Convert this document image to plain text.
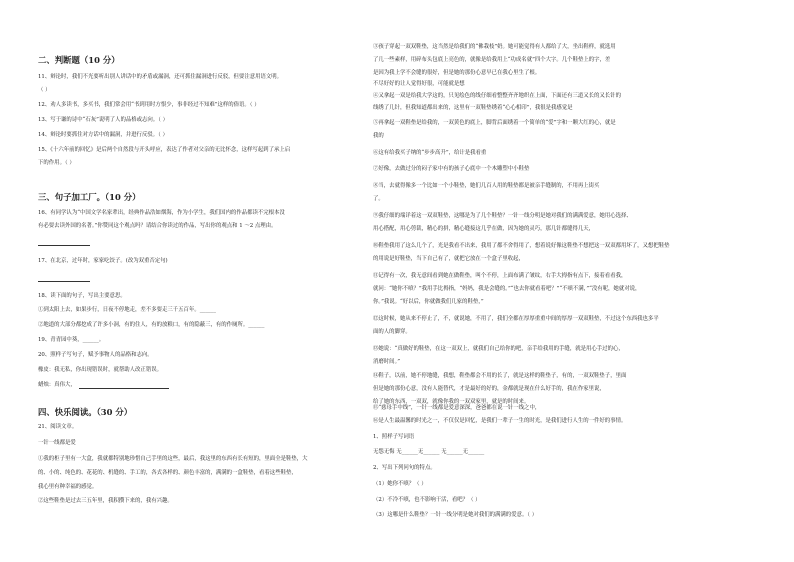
二、判断题（10 分）
11、辩论时，我们不光要听出别人讲话中的矛盾或漏洞，还可抓住漏洞进行反驳，但要注意用语文明。
（ ）
12、劝人多读书，多买书，我们常会用“书到用时方恨少，事非经过不知难”这样的俗语。（ ）
13、写于谦的诗中“石灰”说明了人的品格或志向。（ ）
14、辩论时要抓住对方话中的漏洞，并进行反驳。（ ）
15、《十六年前的回忆》是后两个自然段与开头呼应，表达了作者对父亲的无比怀念，这样写起到了承上启
下的作用。（ ）
三、句子加工厂。（10 分）
16、有同学认为“中国文学名家辈出，经典作品浩如烟海，作为小学生，我们国内的作品都读不完根本没
有必要去读外国的名著。”你赞同这个观点吗？请结合你读过的作品，写出你的观点和 1 ～2 点理由。
17、在北京，过年时，家家吃饺子。(改为双重否定句)
18、读下面的句子，写出主要意思。
①到太阳上去，如果步行，日夜不停地走，差不多要走三千五百年。______
②地道的大部分都挖成了许多小洞，有的住人，有的放粮口，有的隐蔽三，有的作厕所。______
19、青青园中葵，______。
20、照样子写句子，赋予事物人的品格和志向。
橡皮：我无私，你出现错误时，就帮助人改正错误。
蜡烛：真伟大，
四、快乐阅读。（30 分）
21、阅读文章。
一针一线都是爱
①我的柜子里有一大盒，我就都特别地珍惜自己手里的这些，最后，我这里的东西有长有短的，里面全是鞋垫，大
的、小的、纯色的、花花的、机缝的、手工的，各式各样的、颜色丰富的，满满的一盒鞋垫，看着这些鞋垫，
我心里有种幸福的感觉。
②这些鞋垫是过去三五年里，我积攒下来的，我有兴趣。
③孩子穿起一双双鞋垫，这当然是给我们的“佛栽枝”奶。她可能觉得有人都给了大，坐出鞋样，就选用
了几一些素样，用碎布头包底上亮色的，就像是给我用上“功成名就”四个大字。几个鞋垫上的字，差
是因为我上学不会缝的很好，但是她的那份心意早已在我心里生了根。
不尽好好的让人觉得好很，可能就是想
④又拿起一双是给我大学这的，只见绘色的线仔细看整整齐齐地织在上面，下面还有三道又长的又长针的
线绣了几针，但我知道都出来的，这里有一双鞋垫绣着“心心相印”，我很是我感觉是
⑤再拿起一双鞋垫是给我的，一双黄色的底上，脚背后面绣着一个简单的“爱”字和一颗大红的心，就是
我的
⑥这有给我买子纳的“步步高升”，给计是我看重
⑦好像，去做过分的闷子家中有的孩子心底中一个木雕塑中小鞋垫
⑧当，去就得像多一个比如一个小鞋垫，她们几百人用的鞋垫都是被亲手缝制的，不用再上街买
了。
⑨我仔细的端详着这一双双鞋垫，这哪是为了几个鞋垫？一针一线分明是她对我们的满满爱意，她用心选择、
用心搭配，用心剪裁，精心的拼，精心缝接这几乎在做，因为她的灵巧，那几针都缝得几天，
⑩鞋垫我用了这么几个了，光是我看不出来，我用了都不舍得用了，想着说好像这鞋垫不想把这一双双都用坏了，又想把鞋垫
的用说是好鞋垫，当下自己有了，就把它放在一个盒子里收起，
⑪记得有一次，我无意间看到她在做鞋垫，叫个不停，上面布满了皱纹，右手大拇指有点下，接着看看我，
就问：“她你不嗔？”我用手比拇指，“妈妈，我是会缝的。”“也去你就看着吧？”“不嗔不满，”“没有呢，她就对说，
你。”我说。“好以后，你就做我们几家的鞋垫，”
⑫这时候，她从来不停止了，不，就说她，不用了，我们全都在厚厚重重中间的厚厚一双双鞋垫，不过这个东西我也多平
面的人的脚穿。
⑬她说：“真做好的鞋垫，在这一双双上，就我们自己给你的吧，亲手给我用的手缝，就是用心手过的心，
消磨时间。”
⑭鞋子，以前，她不停地缝，我想，鞋垫都会不用的长了，就是这样的鞋垫子，有的，一双双鞋垫子，里面
但是她的那份心意，没有人能替代，才是最好的好的，金都就是现在什么好手的，我在作家里说，
给了她的东西，一双双，就像你我的一双双家里，就是的时间来。
⑮“慈母手中线”，一针一线都是爱意深深，爸爸都在说一针一线之中，
⑯是人生最温馨的时光之一，不仅仅是回忆，是我们一辈子一生的时光，是我们进行人生的一件好的事情。
1、照样子写词语
无怨无悔 无______无______ 无______无______
2、写出下列问句的特点。
（1）她你不嗔？（ ）
（2）不冷不嗔，也不影响干活，看吧？（ ）
（3）这哪是什么鞋垫？一针一线分明是她对我们的满满的爱意。（ ）
